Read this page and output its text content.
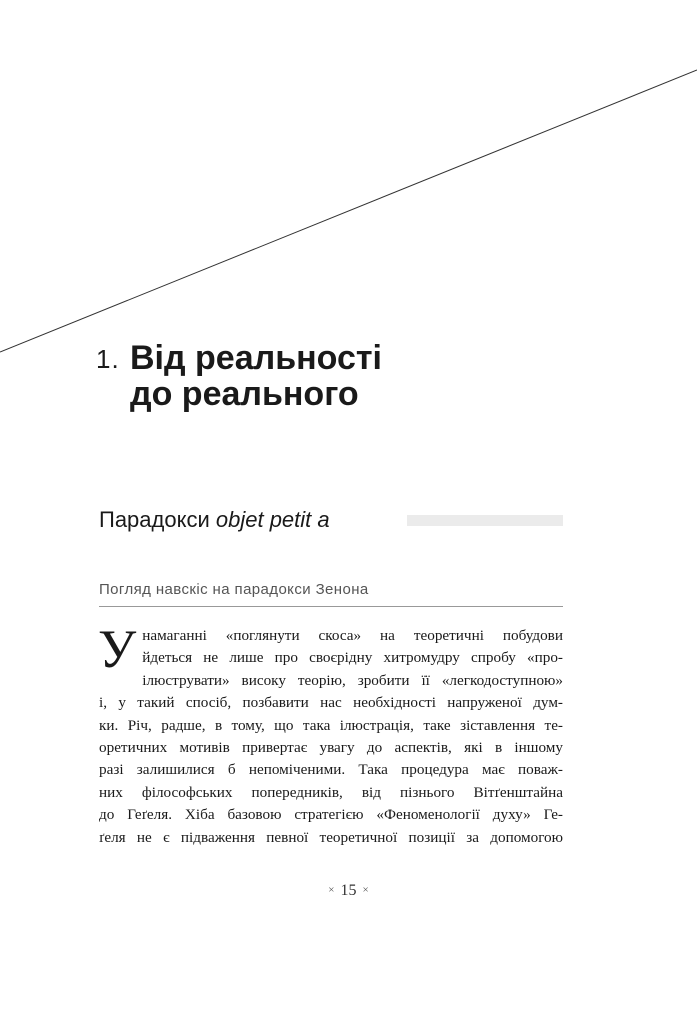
1. Від реальності
до реального
Парадокси objet petit a
Погляд навскіс на парадокси Зенона
У намаганні «поглянути скоса» на теоретичні побудови
йдеться не лише про своєрідну хитромудру спробу «про-
ілюструвати» високу теорію, зробити її «легкодоступною»
і, у такий спосіб, позбавити нас необхідності напруженої дум-
ки. Річ, радше, в тому, що така ілюстрація, таке зіставлення те-
оретичних мотивів привертає увагу до аспектів, які в іншому
разі залишилися б непоміченими. Така процедура має поваж-
них філософських попередників, від пізнього Вітґенштайна
до Геґеля. Хіба базовою стратегією «Феноменології духу» Ге-
ґеля не є підваження певної теоретичної позиції за допомогою
× 15 ×
